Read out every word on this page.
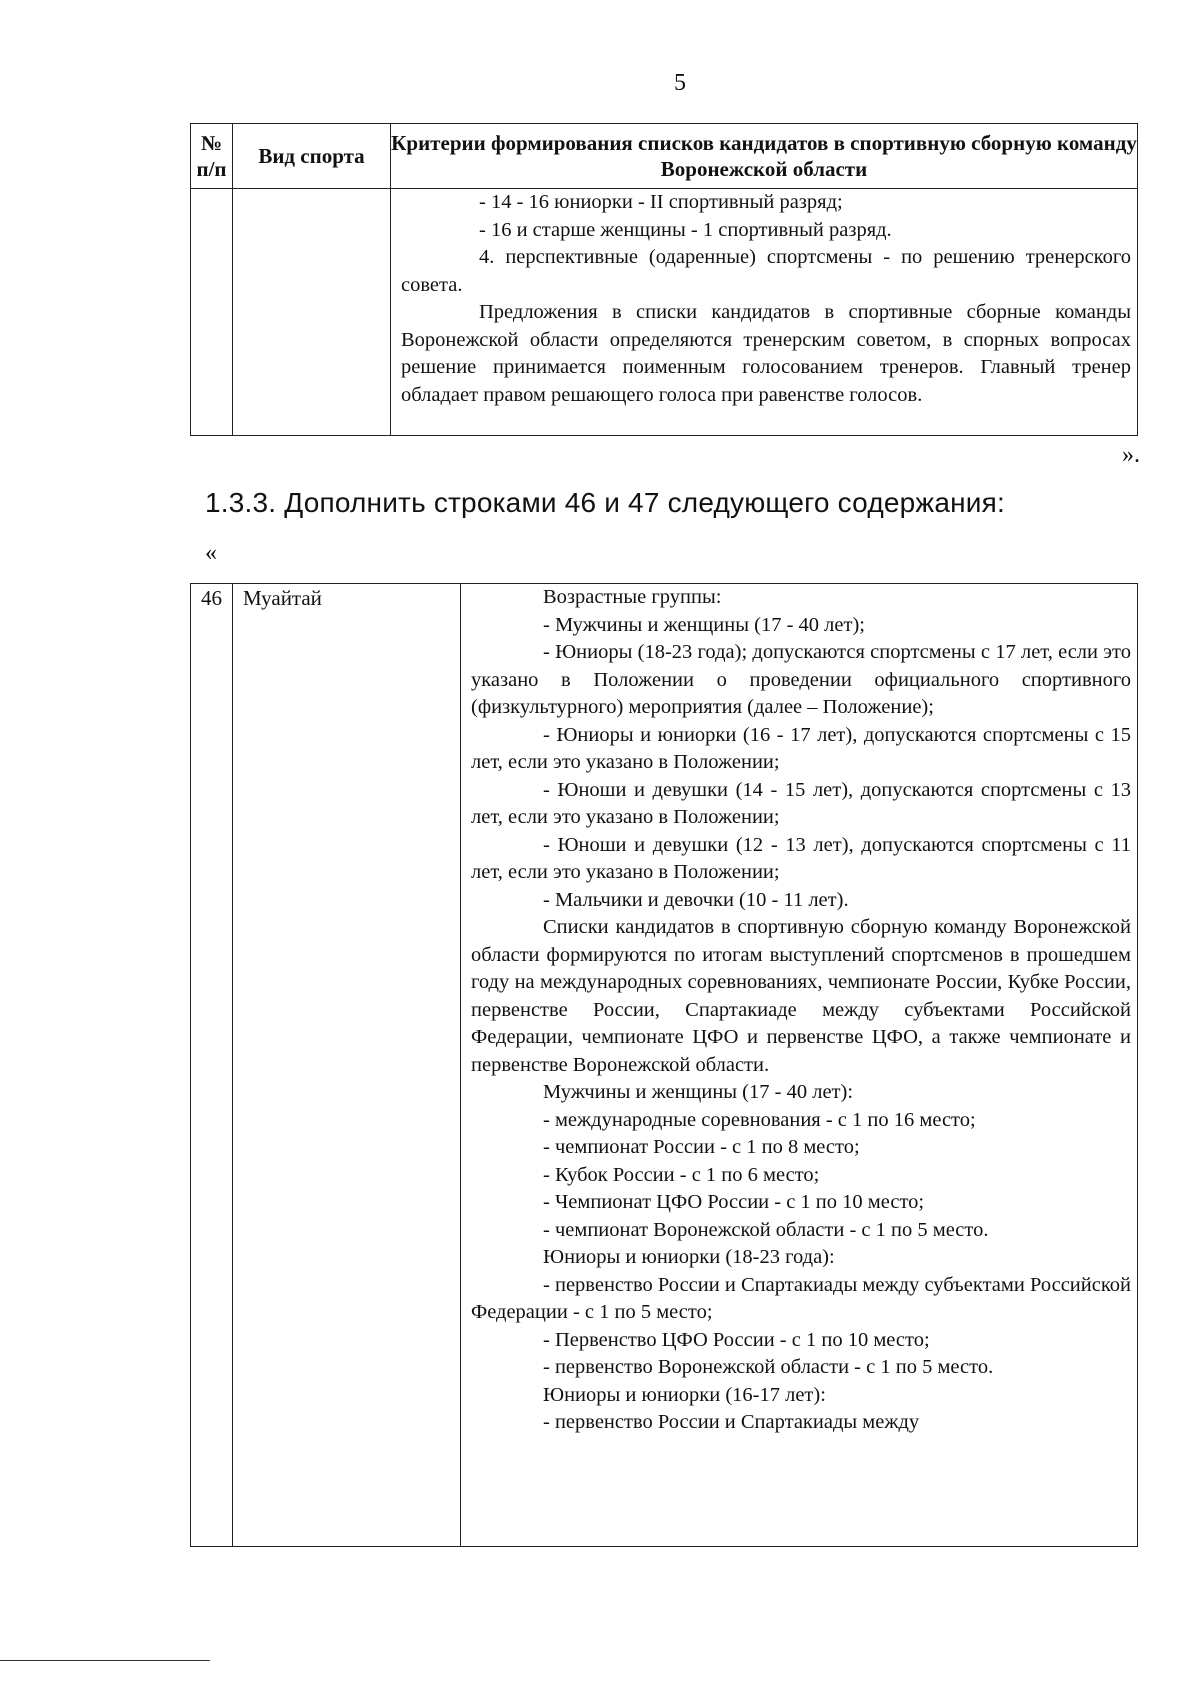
5
№ п/п	Вид спорта	Критерии формирования списков кандидатов в спортивную сборную команду Воронежской области

		- 14 - 16 юниорки - II спортивный разряд;

- 16 и старше женщины - 1 спортивный разряд.

4. перспективные (одаренные) спортсмены - по решению тренерского совета.

Предложения в списки кандидатов в спортивные сборные команды Воронежской области определяются тренерским советом, в спорных вопросах решение принимается поименным голосованием тренеров. Главный тренер обладает правом решающего голоса при равенстве голосов.

».
1.3.3. Дополнить строками 46 и 47 следующего содержания:
«
46	Муайтай	Возрастные группы:

- Мужчины и женщины (17 - 40 лет);

- Юниоры (18-23 года); допускаются спортсмены с 17 лет, если это указано в Положении о проведении официального спортивного (физкультурного) мероприятия (далее – Положение);

- Юниоры и юниорки (16 - 17 лет), допускаются спортсмены с 15 лет, если это указано в Положении;

- Юноши и девушки (14 - 15 лет), допускаются спортсмены с 13 лет, если это указано в Положении;

- Юноши и девушки (12 - 13 лет), допускаются спортсмены с 11 лет, если это указано в Положении;

- Мальчики и девочки (10 - 11 лет).

Списки кандидатов в спортивную сборную команду Воронежской области формируются по итогам выступлений спортсменов в прошедшем году на международных соревнованиях, чемпионате России, Кубке России, первенстве России, Спартакиаде между субъектами Российской Федерации, чемпионате ЦФО и первенстве ЦФО, а также чемпионате и первенстве Воронежской области.

Мужчины и женщины (17 - 40 лет):

- международные соревнования - с 1 по 16 место;

- чемпионат России - с 1 по 8 место;

- Кубок России - с 1 по 6 место;

- Чемпионат ЦФО России - с 1 по 10 место;

- чемпионат Воронежской области - с 1 по 5 место.

Юниоры и юниорки (18-23 года):

- первенство России и Спартакиады между субъектами Российской Федерации - с 1 по 5 место;

- Первенство ЦФО России - с 1 по 10 место;

- первенство Воронежской области - с 1 по 5 место.

Юниоры и юниорки (16-17 лет):

- первенство России и Спартакиады между
